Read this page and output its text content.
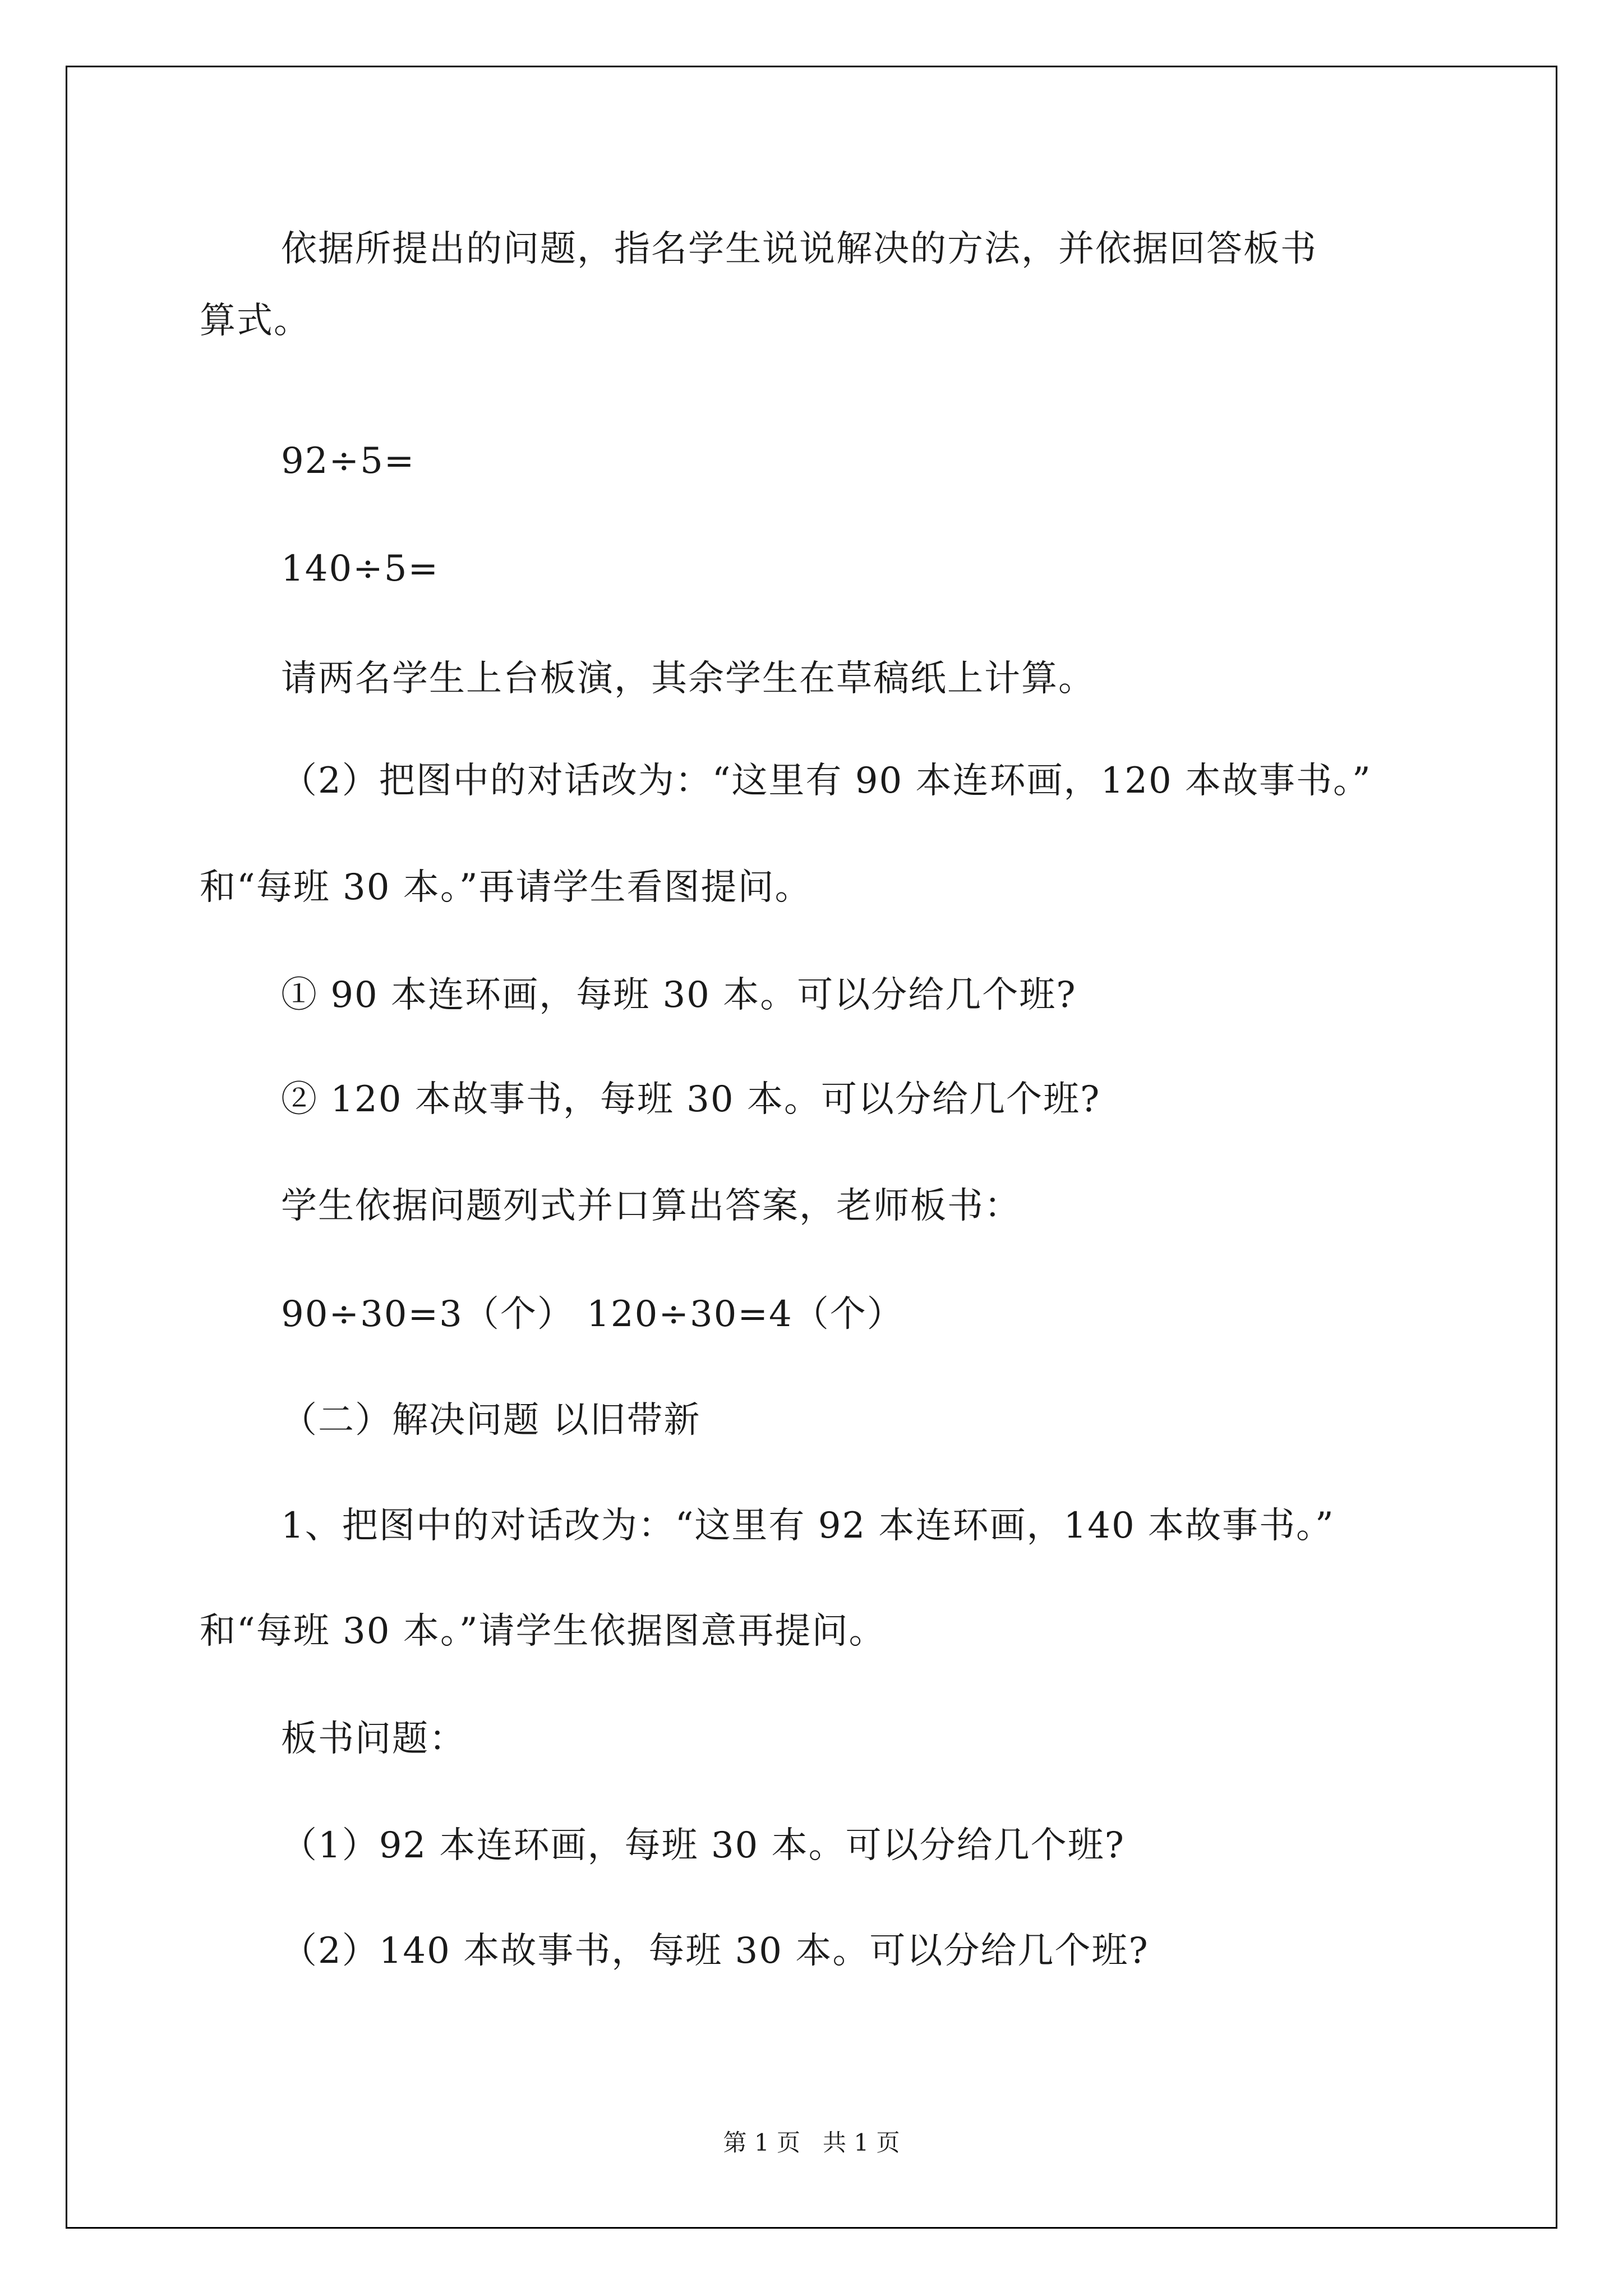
依据所提出的问题，指名学生说说解决的方法，并依据回答板书
算式。
92÷5=
140÷5=
请两名学生上台板演，其余学生在草稿纸上计算。
（2）把图中的对话改为：“这里有 90 本连环画，120 本故事书。”
和“每班 30 本。”再请学生看图提问。
① 90 本连环画，每班 30 本。可以分给几个班?
② 120 本故事书，每班 30 本。可以分给几个班?
学生依据问题列式并口算出答案，老师板书：
90÷30=3（个） 120÷30=4（个）
（二）解决问题 以旧带新
1、把图中的对话改为：“这里有 92 本连环画，140 本故事书。”
和“每班 30 本。”请学生依据图意再提问。
板书问题：
（1）92 本连环画，每班 30 本。可以分给几个班?
（2）140 本故事书，每班 30 本。可以分给几个班?
第 1 页   共 1 页
